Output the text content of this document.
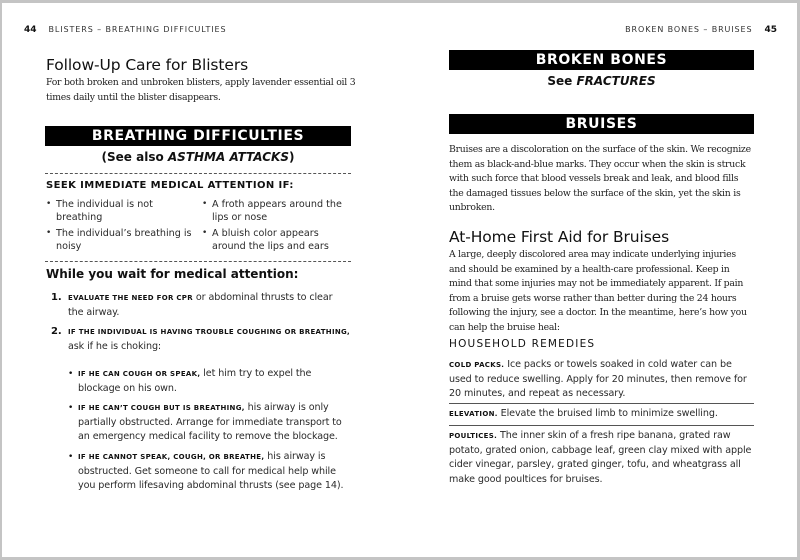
44 BLISTERS – BREATHING DIFFICULTIES
Follow-Up Care for Blisters
For both broken and unbroken blisters, apply lavender essential oil 3 times daily until the blister disappears.
BREATHING DIFFICULTIES
(See also ASTHMA ATTACKS)
SEEK IMMEDIATE MEDICAL ATTENTION IF:
• The individual is not breathing
• The individual’s breathing is noisy
• A froth appears around the lips or nose
• A bluish color appears around the lips and ears
While you wait for medical attention:
1. EVALUATE THE NEED FOR CPR or abdominal thrusts to clear the airway.
2. IF THE INDIVIDUAL IS HAVING TROUBLE COUGHING OR BREATHING, ask if he is choking:
• IF HE CAN COUGH OR SPEAK, let him try to expel the blockage on his own.
• IF HE CAN’T COUGH BUT IS BREATHING, his airway is only partially obstructed. Arrange for immediate transport to an emergency medical facility to remove the blockage.
• IF HE CANNOT SPEAK, COUGH, OR BREATHE, his airway is obstructed. Get someone to call for medical help while you perform lifesaving abdominal thrusts (see page 14).
BROKEN BONES – BRUISES 45
BROKEN BONES
See FRACTURES
BRUISES
Bruises are a discoloration on the surface of the skin. We recognize them as black-and-blue marks. They occur when the skin is struck with such force that blood vessels break and leak, and blood fills the damaged tissues below the surface of the skin, yet the skin is unbroken.
At-Home First Aid for Bruises
A large, deeply discolored area may indicate underlying injuries and should be examined by a health-care professional. Keep in mind that some injuries may not be immediately apparent. If pain from a bruise gets worse rather than better during the 24 hours following the injury, see a doctor. In the meantime, here’s how you can help the bruise heal:
HOUSEHOLD REMEDIES
COLD PACKS. Ice packs or towels soaked in cold water can be used to reduce swelling. Apply for 20 minutes, then remove for 20 minutes, and repeat as necessary.
ELEVATION. Elevate the bruised limb to minimize swelling.
POULTICES. The inner skin of a fresh ripe banana, grated raw potato, grated onion, cabbage leaf, green clay mixed with apple cider vinegar, parsley, grated ginger, tofu, and wheatgrass all make good poultices for bruises.
